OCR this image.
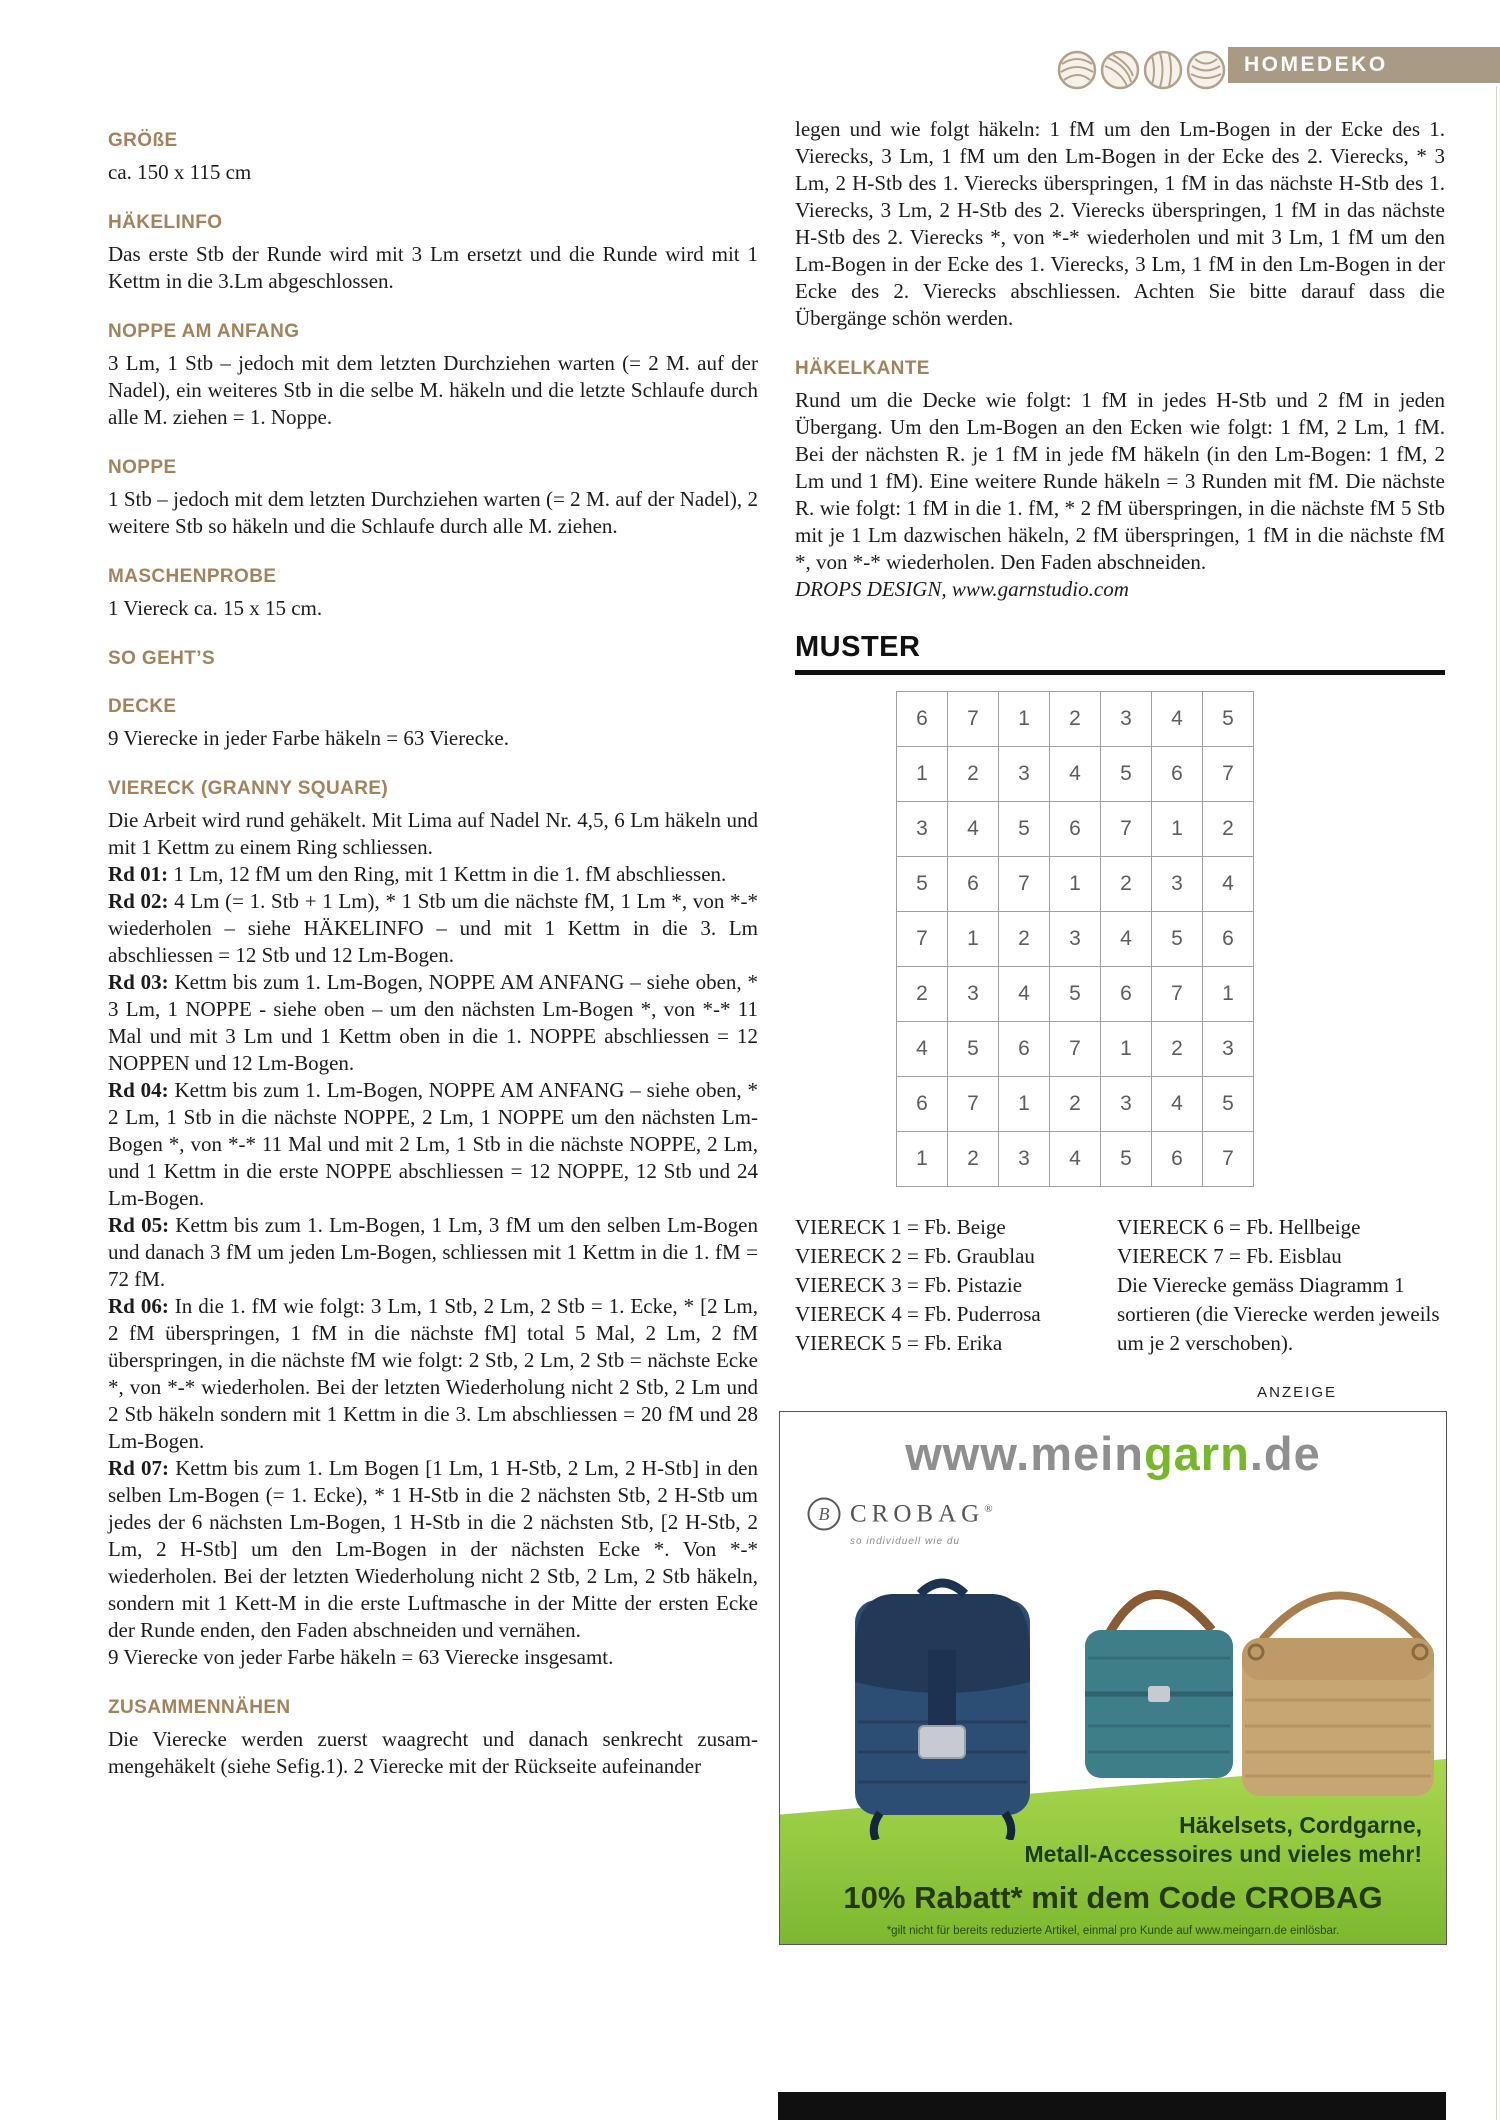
HOMEDEKO
GRÖßE

ca. 150 x 115 cm

HÄKELINFO

Das erste Stb der Runde wird mit 3 Lm ersetzt und die Runde wird mit 1 Kettm in die 3.Lm abgeschlossen.

NOPPE AM ANFANG

3 Lm, 1 Stb – jedoch mit dem letzten Durchziehen warten (= 2 M. auf der Nadel), ein weiteres Stb in die selbe M. häkeln und die letzte Schlaufe durch alle M. ziehen = 1. Noppe.

NOPPE

1 Stb – jedoch mit dem letzten Durchziehen warten (= 2 M. auf der Nadel), 2 weitere Stb so häkeln und die Schlaufe durch alle M. ziehen.

MASCHENPROBE

1 Viereck ca. 15 x 15 cm.

SO GEHT’S
DECKE

9 Vierecke in jeder Farbe häkeln = 63 Vierecke.

VIERECK (GRANNY SQUARE)

Die Arbeit wird rund gehäkelt. Mit Lima auf Nadel Nr. 4,5, 6 Lm häkeln und mit 1 Kettm zu einem Ring schliessen.

Rd 01: 1 Lm, 12 fM um den Ring, mit 1 Kettm in die 1. fM abschliessen.

Rd 02: 4 Lm (= 1. Stb + 1 Lm), * 1 Stb um die nächste fM, 1 Lm *, von *-* wiederholen – siehe HÄKELINFO – und mit 1 Kettm in die 3. Lm abschliessen = 12 Stb und 12 Lm-Bogen.

Rd 03: Kettm bis zum 1. Lm-Bogen, NOPPE AM ANFANG – siehe oben, * 3 Lm, 1 NOPPE - siehe oben – um den nächsten Lm-Bogen *, von *-* 11 Mal und mit 3 Lm und 1 Kettm oben in die 1. NOPPE abschliessen = 12 NOPPEN und 12 Lm-Bogen.

Rd 04: Kettm bis zum 1. Lm-Bogen, NOPPE AM ANFANG – siehe oben, * 2 Lm, 1 Stb in die nächste NOPPE, 2 Lm, 1 NOPPE um den nächsten Lm-Bogen *, von *-* 11 Mal und mit 2 Lm, 1 Stb in die nächste NOPPE, 2 Lm, und 1 Kettm in die erste NOPPE abschliessen = 12 NOPPE, 12 Stb und 24 Lm-Bogen.

Rd 05: Kettm bis zum 1. Lm-Bogen, 1 Lm, 3 fM um den selben Lm-Bogen und danach 3 fM um jeden Lm-Bogen, schliessen mit 1 Kettm in die 1. fM = 72 fM.

Rd 06: In die 1. fM wie folgt: 3 Lm, 1 Stb, 2 Lm, 2 Stb = 1. Ecke, * [2 Lm, 2 fM überspringen, 1 fM in die nächste fM] total 5 Mal, 2 Lm, 2 fM überspringen, in die nächste fM wie folgt: 2 Stb, 2 Lm, 2 Stb = nächste Ecke *, von *-* wiederholen. Bei der letzten Wiederholung nicht 2 Stb, 2 Lm und 2 Stb häkeln sondern mit 1 Kettm in die 3. Lm abschliessen = 20 fM und 28 Lm-Bogen.

Rd 07: Kettm bis zum 1. Lm Bogen [1 Lm, 1 H-Stb, 2 Lm, 2 H-Stb] in den selben Lm-Bogen (= 1. Ecke), * 1 H-Stb in die 2 nächsten Stb, 2 H-Stb um jedes der 6 nächsten Lm-Bogen, 1 H-Stb in die 2 nächsten Stb, [2 H-Stb, 2 Lm, 2 H-Stb] um den Lm-Bogen in der nächsten Ecke *. Von *-* wiederholen. Bei der letzten Wiederholung nicht 2 Stb, 2 Lm, 2 Stb häkeln, sondern mit 1 Kett-M in die erste Luftmasche in der Mitte der ersten Ecke der Runde enden, den Faden abschneiden und vernähen.

9 Vierecke von jeder Farbe häkeln = 63 Vierecke insgesamt.

ZUSAMMENNÄHEN

Die Vierecke werden zuerst waagrecht und danach senkrecht zusam-mengehäkelt (siehe Sefig.1). 2 Vierecke mit der Rückseite aufeinander

legen und wie folgt häkeln: 1 fM um den Lm-Bogen in der Ecke des 1. Vierecks, 3 Lm, 1 fM um den Lm-Bogen in der Ecke des 2. Vierecks, * 3 Lm, 2 H-Stb des 1. Vierecks überspringen, 1 fM in das nächste H-Stb des 1. Vierecks, 3 Lm, 2 H-Stb des 2. Vierecks überspringen, 1 fM in das nächste H-Stb des 2. Vierecks *, von *-* wiederholen und mit 3 Lm, 1 fM um den Lm-Bogen in der Ecke des 1. Vierecks, 3 Lm, 1 fM in den Lm-Bogen in der Ecke des 2. Vierecks abschliessen. Achten Sie bitte darauf dass die Übergänge schön werden.

HÄKELKANTE

Rund um die Decke wie folgt: 1 fM in jedes H-Stb und 2 fM in jeden Übergang. Um den Lm-Bogen an den Ecken wie folgt: 1 fM, 2 Lm, 1 fM. Bei der nächsten R. je 1 fM in jede fM häkeln (in den Lm-Bogen: 1 fM, 2 Lm und 1 fM). Eine weitere Runde häkeln = 3 Runden mit fM. Die nächste R. wie folgt: 1 fM in die 1. fM, * 2 fM überspringen, in die nächste fM 5 Stb mit je 1 Lm dazwischen häkeln, 2 fM überspringen, 1 fM in die nächste fM *, von *-* wiederholen. Den Faden abschneiden.

DROPS DESIGN, www.garnstudio.com

MUSTER
6	7	1	2	3	4	5
1	2	3	4	5	6	7
3	4	5	6	7	1	2
5	6	7	1	2	3	4
7	1	2	3	4	5	6
2	3	4	5	6	7	1
4	5	6	7	1	2	3
6	7	1	2	3	4	5
1	2	3	4	5	6	7
VIERECK 1 = Fb. Beige
VIERECK 2 = Fb. Graublau
VIERECK 3 = Fb. Pistazie
VIERECK 4 = Fb. Puderrosa
VIERECK 5 = Fb. Erika
VIERECK 6 = Fb. Hellbeige
VIERECK 7 = Fb. Eisblau
Die Vierecke gemäss Diagramm 1 sortieren (die Vierecke werden jeweils um je 2 verschoben).
ANZEIGE
www.meingarn.de
B CROBAG®
so individuell wie du
Häkelsets, Cordgarne,
Metall-Accessoires und vieles mehr!
10% Rabatt* mit dem Code CROBAG
*gilt nicht für bereits reduzierte Artikel, einmal pro Kunde auf www.meingarn.de einlösbar.
